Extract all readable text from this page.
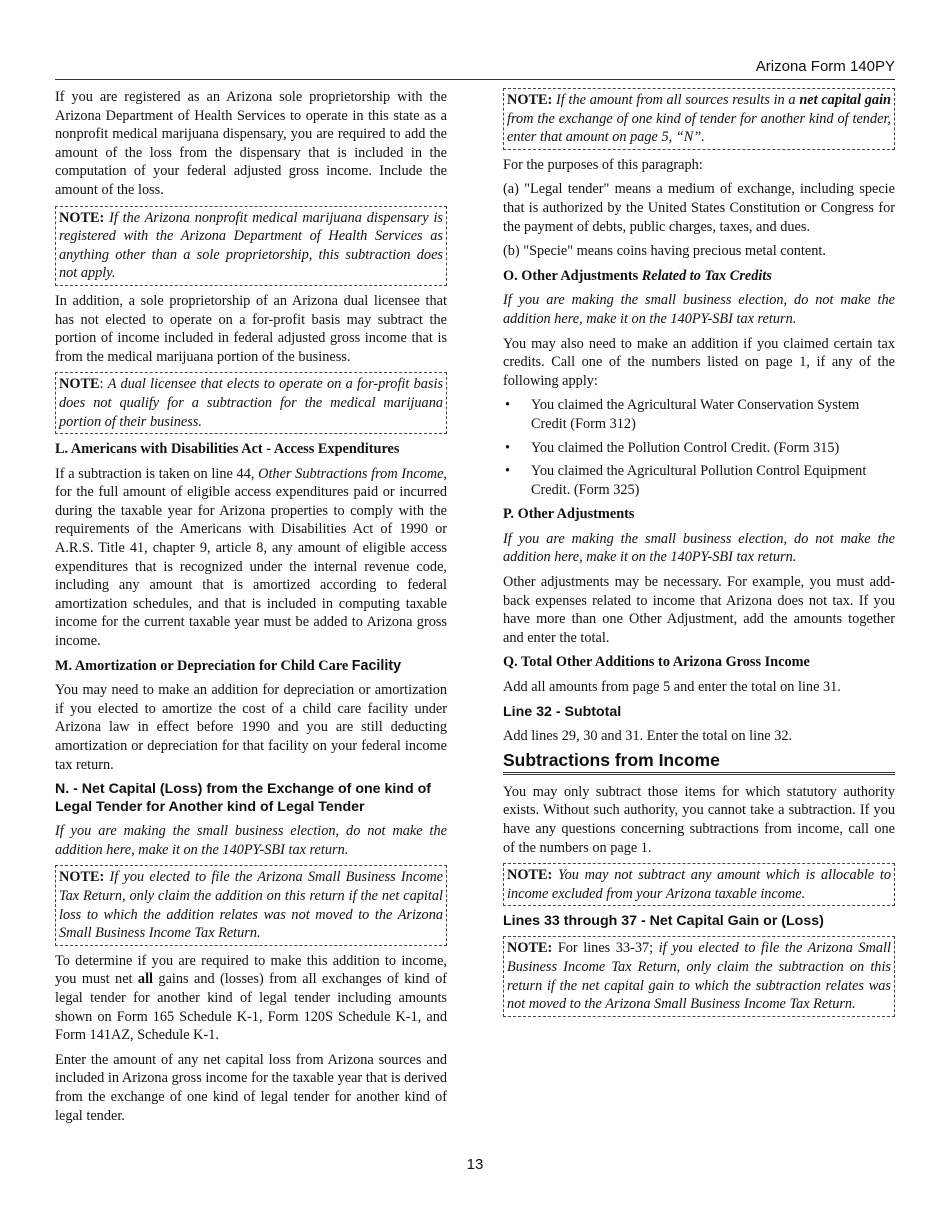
Arizona Form 140PY

If you are registered as an Arizona sole proprietorship with the Arizona Department of Health Services to operate in this state as a nonprofit medical marijuana dispensary, you are required to add the amount of the loss from the dispensary that is included in the computation of your federal adjusted gross income. Include the amount of the loss.

NOTE: If the Arizona nonprofit medical marijuana dispensary is registered with the Arizona Department of Health Services as anything other than a sole proprietorship, this subtraction does not apply.

In addition, a sole proprietorship of an Arizona dual licensee that has not elected to operate on a for-profit basis may subtract the portion of income included in federal adjusted gross income that is from the medical marijuana portion of the business.

NOTE: A dual licensee that elects to operate on a for-profit basis does not qualify for a subtraction for the medical marijuana portion of their business.
L. Americans with Disabilities Act - Access Expenditures

If a subtraction is taken on line 44, Other Subtractions from Income, for the full amount of eligible access expenditures paid or incurred during the taxable year for Arizona properties to comply with the requirements of the Americans with Disabilities Act of 1990 or A.R.S. Title 41, chapter 9, article 8, any amount of eligible access expenditures that is recognized under the internal revenue code, including any amount that is amortized according to federal amortization schedules, and that is included in computing taxable income for the current taxable year must be added to Arizona gross income.

M. Amortization or Depreciation for Child Care Facility

You may need to make an addition for depreciation or amortization if you elected to amortize the cost of a child care facility under Arizona law in effect before 1990 and you are still deducting amortization or depreciation for that facility on your federal income tax return.

N. - Net Capital (Loss) from the Exchange of one kind of Legal Tender for Another kind of Legal Tender

If you are making the small business election, do not make the addition here, make it on the 140PY-SBI tax return.

NOTE: If you elected to file the Arizona Small Business Income Tax Return, only claim the addition on this return if the net capital loss to which the addition relates was not moved to the Arizona Small Business Income Tax Return.

To determine if you are required to make this addition to income, you must net all gains and (losses) from all exchanges of kind of legal tender for another kind of legal tender including amounts shown on Form 165 Schedule K-1, Form 120S Schedule K-1, and Form 141AZ, Schedule K-1.

Enter the amount of any net capital loss from Arizona sources and included in Arizona gross income for the taxable year that is derived from the exchange of one kind of legal tender for another kind of legal tender.

NOTE: If the amount from all sources results in a net capital gain from the exchange of one kind of tender for another kind of tender, enter that amount on page 5, “N”.

For the purposes of this paragraph:

(a) "Legal tender" means a medium of exchange, including specie that is authorized by the United States Constitution or Congress for the payment of debts, public charges, taxes, and dues.

(b) "Specie" means coins having precious metal content.

O. Other Adjustments Related to Tax Credits

If you are making the small business election, do not make the addition here, make it on the 140PY-SBI tax return.

You may also need to make an addition if you claimed certain tax credits. Call one of the numbers listed on page 1, if any of the following apply:

• You claimed the Agricultural Water Conservation System Credit (Form 312)
• You claimed the Pollution Control Credit. (Form 315)
• You claimed the Agricultural Pollution Control Equipment Credit. (Form 325)
P. Other Adjustments

If you are making the small business election, do not make the addition here, make it on the 140PY-SBI tax return.

Other adjustments may be necessary. For example, you must add-back expenses related to income that Arizona does not tax. If you have more than one Other Adjustment, add the amounts together and enter the total.

Q. Total Other Additions to Arizona Gross Income

Add all amounts from page 5 and enter the total on line 31.

Line 32 - Subtotal

Add lines 29, 30 and 31. Enter the total on line 32.

Subtractions from Income

You may only subtract those items for which statutory authority exists. Without such authority, you cannot take a subtraction. If you have any questions concerning subtractions from income, call one of the numbers on page 1.

NOTE: You may not subtract any amount which is allocable to income excluded from your Arizona taxable income.
Lines 33 through 37 - Net Capital Gain or (Loss)
NOTE: For lines 33-37; if you elected to file the Arizona Small Business Income Tax Return, only claim the subtraction on this return if the net capital gain to which the subtraction relates was not moved to the Arizona Small Business Income Tax Return.
13
